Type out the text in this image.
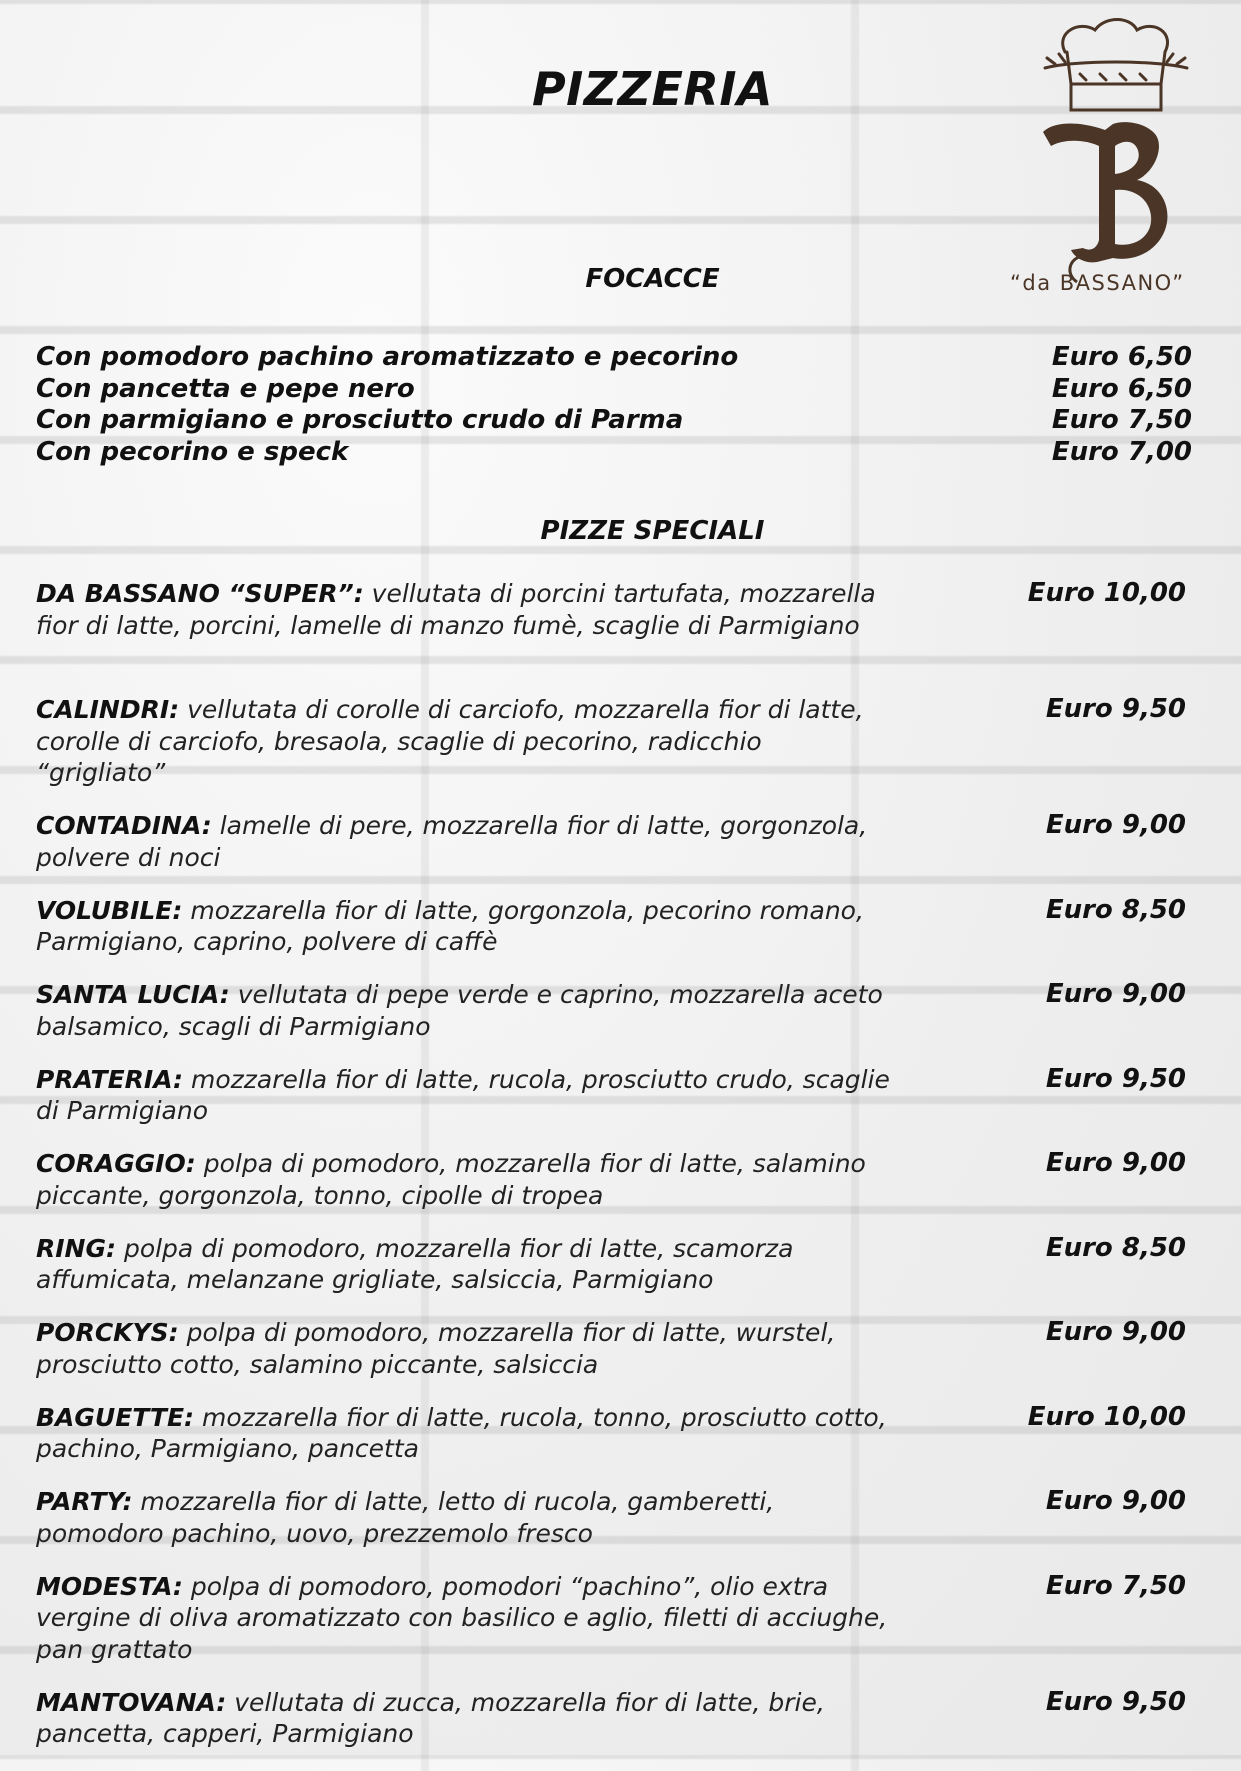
PIZZERIA
“da BASSANO”
FOCACCE
Con pomodoro pachino aromatizzato e pecorino	Euro 6,50
Con pancetta e pepe nero	Euro 6,50
Con parmigiano e prosciutto crudo di Parma	Euro 7,50
Con pecorino e speck	Euro 7,00
PIZZE SPECIALI
DA BASSANO “SUPER”: vellutata di porcini tartufata, mozzarella fior di latte, porcini, lamelle di manzo fumè, scaglie di Parmigiano
Euro 10,00
CALINDRI: vellutata di corolle di carciofo, mozzarella fior di latte, corolle di carciofo, bresaola, scaglie di pecorino, radicchio “grigliato”
Euro 9,50
CONTADINA: lamelle di pere, mozzarella fior di latte, gorgonzola, polvere di noci
Euro 9,00
VOLUBILE: mozzarella fior di latte, gorgonzola, pecorino romano, Parmigiano, caprino, polvere di caffè
Euro 8,50
SANTA LUCIA: vellutata di pepe verde e caprino, mozzarella aceto balsamico, scagli di Parmigiano
Euro 9,00
PRATERIA: mozzarella fior di latte, rucola, prosciutto crudo, scaglie di Parmigiano
Euro 9,50
CORAGGIO: polpa di pomodoro, mozzarella fior di latte, salamino piccante, gorgonzola, tonno, cipolle di tropea
Euro 9,00
RING: polpa di pomodoro, mozzarella fior di latte, scamorza affumicata, melanzane grigliate, salsiccia, Parmigiano
Euro 8,50
PORCKYS: polpa di pomodoro, mozzarella fior di latte, wurstel, prosciutto cotto, salamino piccante, salsiccia
Euro 9,00
BAGUETTE: mozzarella fior di latte, rucola, tonno, prosciutto cotto, pachino, Parmigiano, pancetta
Euro 10,00
PARTY: mozzarella fior di latte, letto di rucola, gamberetti, pomodoro pachino, uovo, prezzemolo fresco
Euro 9,00
MODESTA: polpa di pomodoro, pomodori “pachino”, olio extra vergine di oliva aromatizzato con basilico e aglio, filetti di acciughe, pan grattato
Euro 7,50
MANTOVANA: vellutata di zucca, mozzarella fior di latte, brie, pancetta, capperi, Parmigiano
Euro 9,50
